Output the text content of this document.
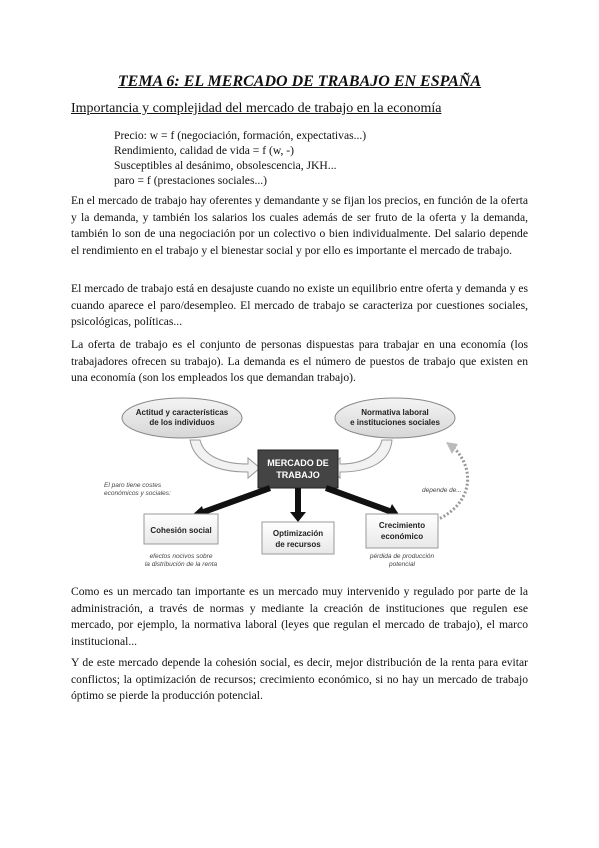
TEMA 6: EL MERCADO DE TRABAJO EN ESPAÑA
Importancia y complejidad del mercado de trabajo en la economía
Precio: w = f (negociación, formación, expectativas...)
Rendimiento, calidad de vida = f (w, -)
Susceptibles al desánimo, obsolescencia, JKH...
paro = f (prestaciones sociales...)

En el mercado de trabajo hay oferentes y demandante y se fijan los precios, en función de la oferta y la demanda, y también los salarios los cuales además de ser fruto de la oferta y la demanda, también lo son de una negociación por un colectivo o bien individualmente. Del salario depende el rendimiento en el trabajo y el bienestar social y por ello es importante el mercado de trabajo.

El mercado de trabajo está en desajuste cuando no existe un equilibrio entre oferta y demanda y es cuando aparece el paro/desempleo. El mercado de trabajo se caracteriza por cuestiones sociales, psicológicas, políticas...

La oferta de trabajo es el conjunto de personas dispuestas para trabajar en una economía (los trabajadores ofrecen su trabajo). La demanda es el número de puestos de trabajo que existen en una economía (son los empleados los que demandan trabajo).

Actitud y características
de los individuos
Normativa laboral
e instituciones sociales
MERCADO DE
TRABAJO
El paro tiene costes
económicos y sociales:	depende de...
Cohesión social	Optimización
de recursos
Crecimiento
económico
efectos nocivos sobre
la distribución de la renta
pérdida de producción
potencial

Como es un mercado tan importante es un mercado muy intervenido y regulado por parte de la administración, a través de normas y mediante la creación de instituciones que regulen ese mercado, por ejemplo, la normativa laboral (leyes que regulan el mercado de trabajo), el marco institucional...

Y de este mercado depende la cohesión social, es decir, mejor distribución de la renta para evitar conflictos; la optimización de recursos; crecimiento económico, si no hay un mercado de trabajo óptimo se pierde la producción potencial.
